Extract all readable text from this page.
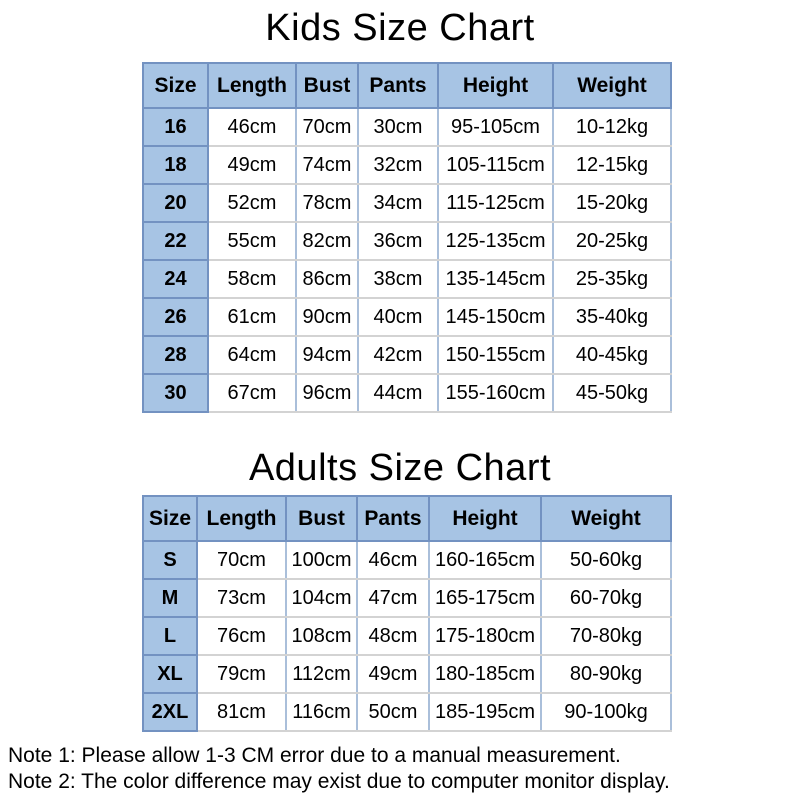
Kids Size Chart
Size	Length	Bust	Pants	Height	Weight
16	46cm	70cm	30cm	95-105cm	10-12kg
18	49cm	74cm	32cm	105-115cm	12-15kg
20	52cm	78cm	34cm	115-125cm	15-20kg
22	55cm	82cm	36cm	125-135cm	20-25kg
24	58cm	86cm	38cm	135-145cm	25-35kg
26	61cm	90cm	40cm	145-150cm	35-40kg
28	64cm	94cm	42cm	150-155cm	40-45kg
30	67cm	96cm	44cm	155-160cm	45-50kg
Adults Size Chart
Size	Length	Bust	Pants	Height	Weight
S	70cm	100cm	46cm	160-165cm	50-60kg
M	73cm	104cm	47cm	165-175cm	60-70kg
L	76cm	108cm	48cm	175-180cm	70-80kg
XL	79cm	112cm	49cm	180-185cm	80-90kg
2XL	81cm	116cm	50cm	185-195cm	90-100kg

Note 1: Please allow 1-3 CM error due to a manual measurement.

Note 2: The color difference may exist due to computer monitor display.
